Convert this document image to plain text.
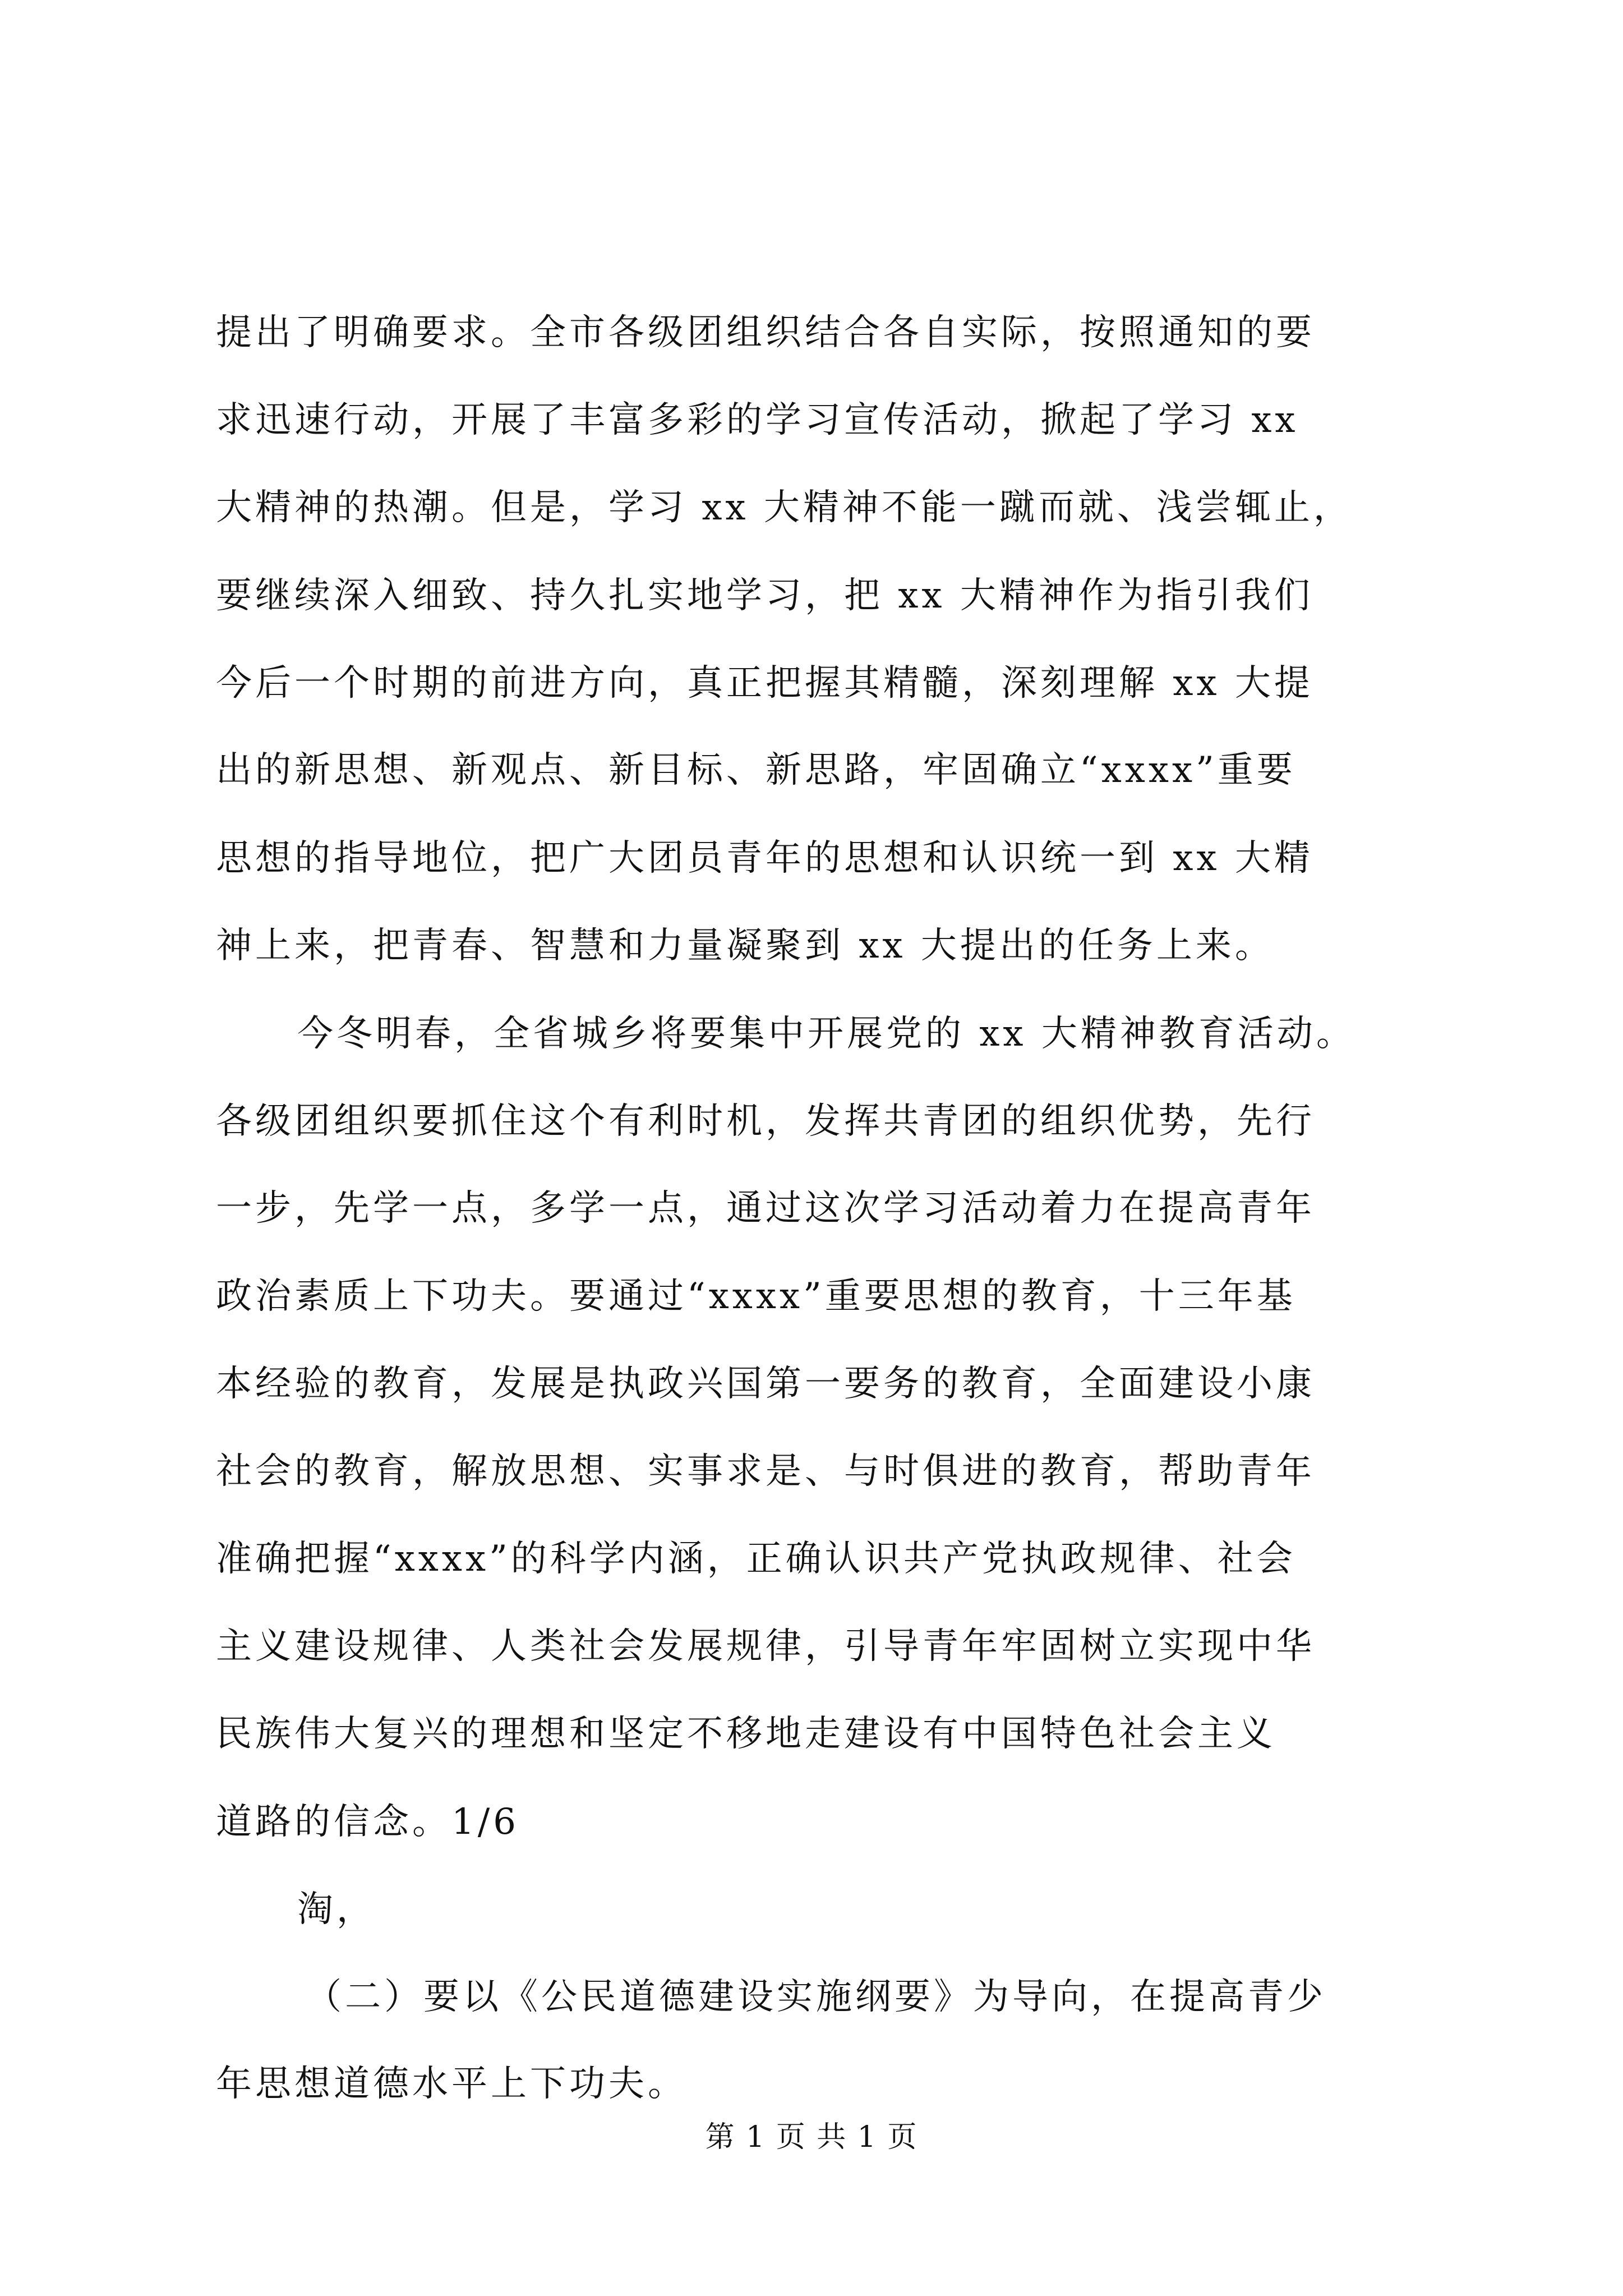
提出了明确要求。全市各级团组织结合各自实际，按照通知的要
求迅速行动，开展了丰富多彩的学习宣传活动，掀起了学习 xx
大精神的热潮。但是，学习 xx 大精神不能一蹴而就、浅尝辄止，
要继续深入细致、持久扎实地学习，把 xx 大精神作为指引我们
今后一个时期的前进方向，真正把握其精髓，深刻理解 xx 大提
出的新思想、新观点、新目标、新思路，牢固确立“xxxx”重要
思想的指导地位，把广大团员青年的思想和认识统一到 xx 大精
神上来，把青春、智慧和力量凝聚到 xx 大提出的任务上来。
今冬明春，全省城乡将要集中开展党的 xx 大精神教育活动。
各级团组织要抓住这个有利时机，发挥共青团的组织优势，先行
一步，先学一点，多学一点，通过这次学习活动着力在提高青年
政治素质上下功夫。要通过“xxxx”重要思想的教育，十三年基
本经验的教育，发展是执政兴国第一要务的教育，全面建设小康
社会的教育，解放思想、实事求是、与时俱进的教育，帮助青年
准确把握“xxxx”的科学内涵，正确认识共产党执政规律、社会
主义建设规律、人类社会发展规律，引导青年牢固树立实现中华
民族伟大复兴的理想和坚定不移地走建设有中国特色社会主义
道路的信念。1/6
淘，
（二）要以《公民道德建设实施纲要》为导向，在提高青少
年思想道德水平上下功夫。
第 1 页 共 1 页
